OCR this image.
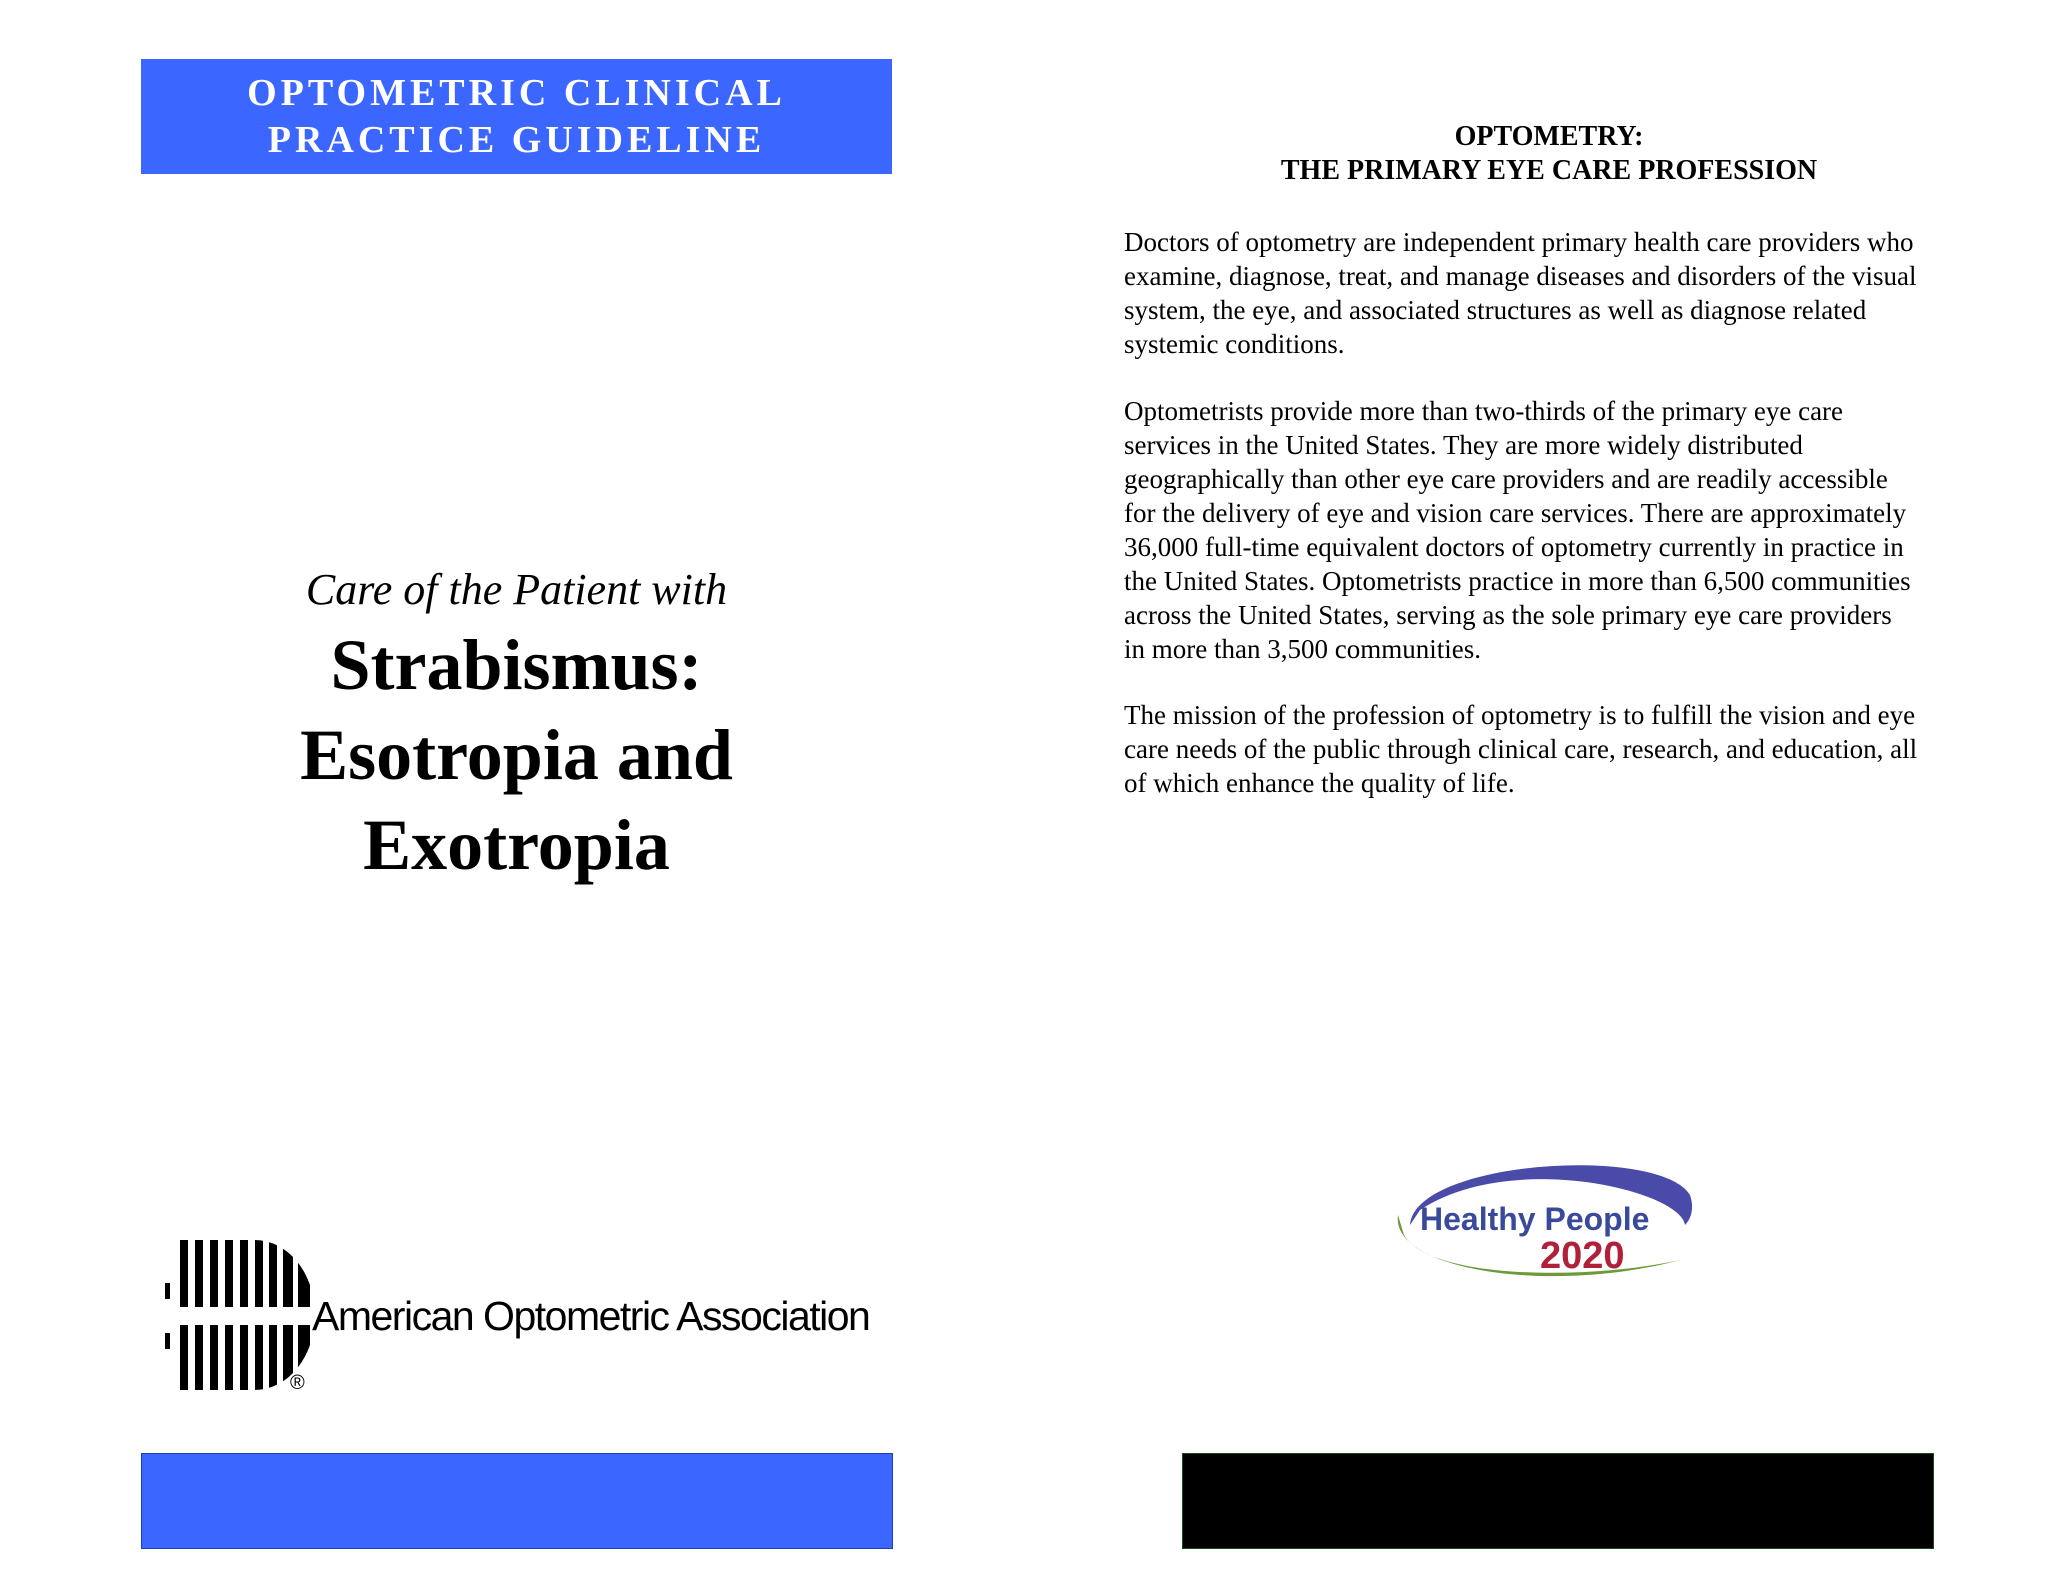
OPTOMETRIC CLINICAL
PRACTICE GUIDELINE
Care of the Patient with
Strabismus:
Esotropia and
Exotropia
American Optometric Association
®
OPTOMETRY:
THE PRIMARY EYE CARE PROFESSION
Doctors of optometry are independent primary health care providers who
examine, diagnose, treat, and manage diseases and disorders of the visual
system, the eye, and associated structures as well as diagnose related
systemic conditions.
Optometrists provide more than two-thirds of the primary eye care
services in the United States. They are more widely distributed
geographically than other eye care providers and are readily accessible
for the delivery of eye and vision care services. There are approximately
36,000 full-time equivalent doctors of optometry currently in practice in
the United States. Optometrists practice in more than 6,500 communities
across the United States, serving as the sole primary eye care providers
in more than 3,500 communities.
The mission of the profession of optometry is to fulfill the vision and eye
care needs of the public through clinical care, research, and education, all
of which enhance the quality of life.
Healthy People
2020
